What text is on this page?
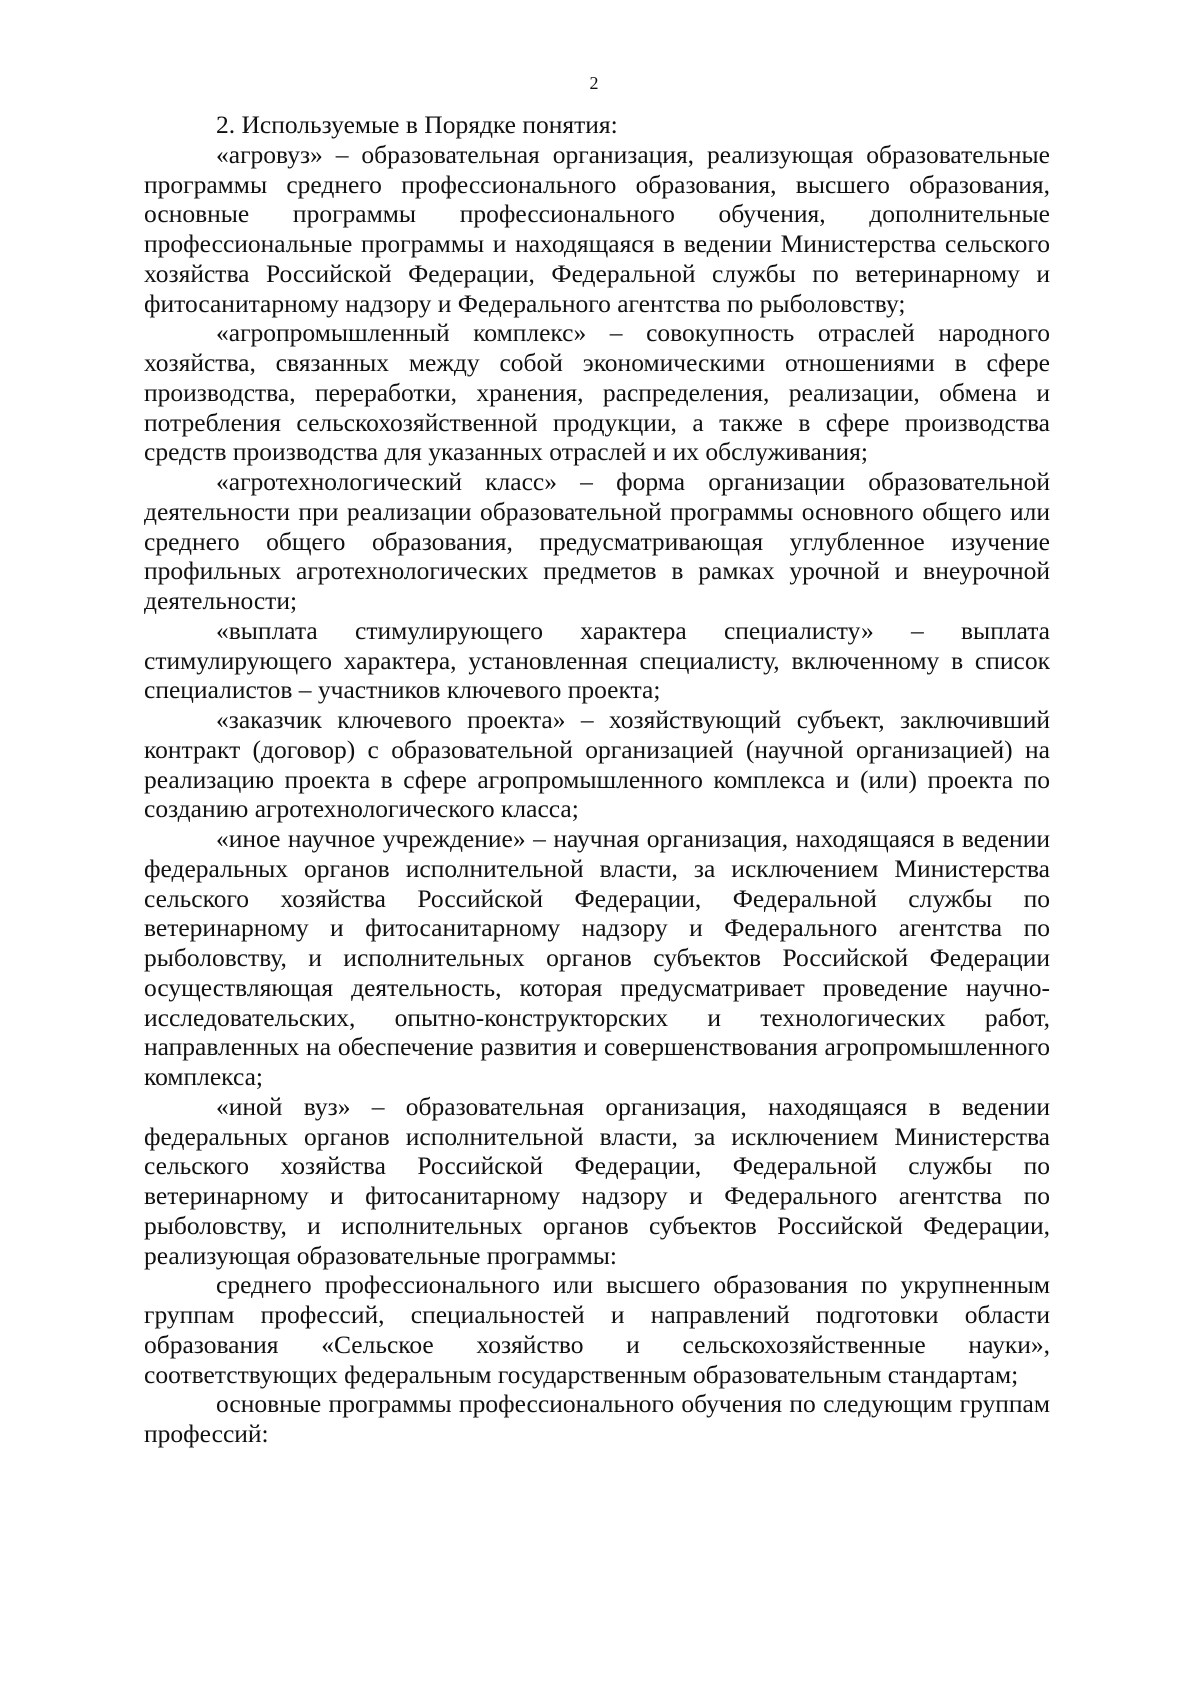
2

2. Используемые в Порядке понятия:

«агровуз» – образовательная организация, реализующая образовательные программы среднего профессионального образования, высшего образования, основные программы профессионального обучения, дополнительные профессиональные программы и находящаяся в ведении Министерства сельского хозяйства Российской Федерации, Федеральной службы по ветеринарному и фитосанитарному надзору и Федерального агентства по рыболовству;

«агропромышленный комплекс» – совокупность отраслей народного хозяйства, связанных между собой экономическими отношениями в сфере производства, переработки, хранения, распределения, реализации, обмена и потребления сельскохозяйственной продукции, а также в сфере производства средств производства для указанных отраслей и их обслуживания;

«агротехнологический класс» – форма организации образовательной деятельности при реализации образовательной программы основного общего или среднего общего образования, предусматривающая углубленное изучение профильных агротехнологических предметов в рамках урочной и внеурочной деятельности;

«выплата стимулирующего характера специалисту» – выплата стимулирующего характера, установленная специалисту, включенному в список специалистов – участников ключевого проекта;

«заказчик ключевого проекта» – хозяйствующий субъект, заключивший контракт (договор) с образовательной организацией (научной организацией) на реализацию проекта в сфере агропромышленного комплекса и (или) проекта по созданию агротехнологического класса;

«иное научное учреждение» – научная организация, находящаяся в ведении федеральных органов исполнительной власти, за исключением Министерства сельского хозяйства Российской Федерации, Федеральной службы по ветеринарному и фитосанитарному надзору и Федерального агентства по рыболовству, и исполнительных органов субъектов Российской Федерации осуществляющая деятельность, которая предусматривает проведение научно-исследовательских, опытно-конструкторских и технологических работ, направленных на обеспечение развития и совершенствования агропромышленного комплекса;

«иной вуз» – образовательная организация, находящаяся в ведении федеральных органов исполнительной власти, за исключением Министерства сельского хозяйства Российской Федерации, Федеральной службы по ветеринарному и фитосанитарному надзору и Федерального агентства по рыболовству, и исполнительных органов субъектов Российской Федерации, реализующая образовательные программы:

среднего профессионального или высшего образования по укрупненным группам профессий, специальностей и направлений подготовки области образования «Сельское хозяйство и сельскохозяйственные науки», соответствующих федеральным государственным образовательным стандартам;

основные программы профессионального обучения по следующим группам профессий:
